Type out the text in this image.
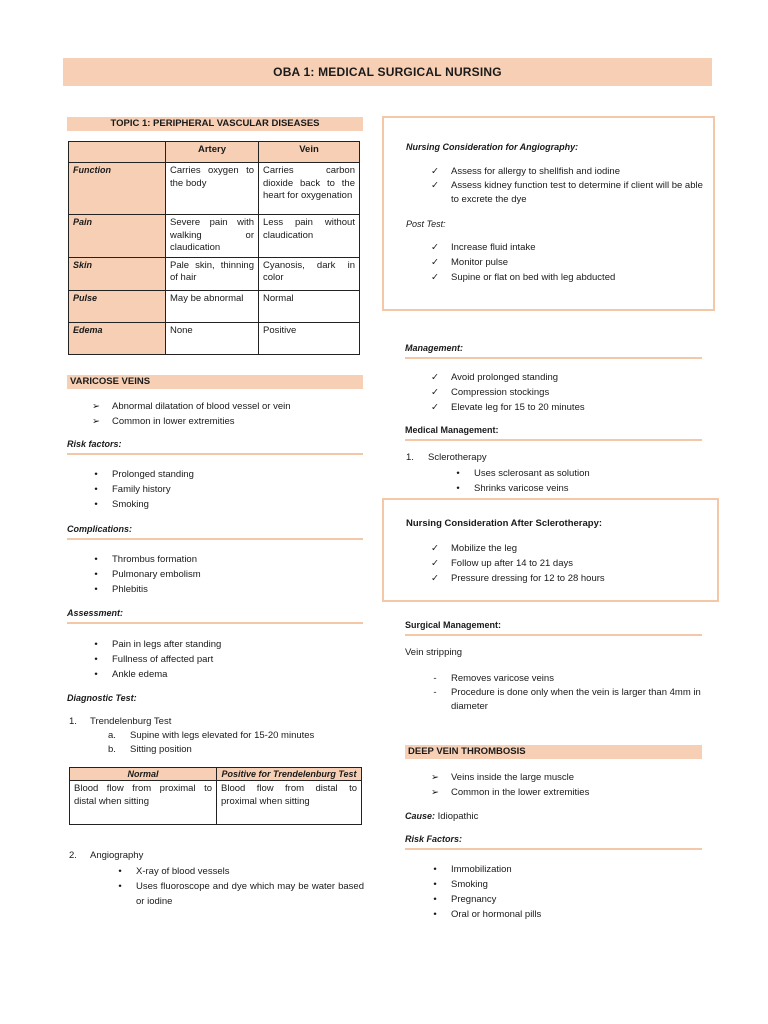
OBA 1: MEDICAL SURGICAL NURSING
TOPIC 1: PERIPHERAL VASCULAR DISEASES
	Artery	Vein
Function	Carries oxygen to the body	Carries carbon dioxide back to the heart for oxygenation
Pain	Severe pain with walking or claudication	Less pain without claudication
Skin	Pale skin, thinning of hair	Cyanosis, dark in color
Pulse	May be abnormal	Normal
Edema	None	Positive
VARICOSE VEINS
➢	Abnormal dilatation of blood vessel or vein
➢	Common in lower extremities
Risk factors:
•	Prolonged standing
•	Family history
•	Smoking
Complications:
•	Thrombus formation
•	Pulmonary embolism
•	Phlebitis
Assessment:
•	Pain in legs after standing
•	Fullness of affected part
•	Ankle edema
Diagnostic Test:
1. Trendelenburg Test
a. Supine with legs elevated for 15-20 minutes
b. Sitting position
Normal	Positive for Trendelenburg Test
Blood flow from proximal to distal when sitting	Blood flow from distal to proximal when sitting
2. Angiography
•	X-ray of blood vessels
•	Uses fluoroscope and dye which may be water based or iodine
Nursing Consideration for Angiography:
✓	Assess for allergy to shellfish and iodine
✓	Assess kidney function test to determine if client will be able to excrete the dye
Post Test:
✓	Increase fluid intake
✓	Monitor pulse
✓	Supine or flat on bed with leg abducted
Management:
✓	Avoid prolonged standing
✓	Compression stockings
✓	Elevate leg for 15 to 20 minutes
Medical Management:
1. Sclerotherapy
•	Uses sclerosant as solution
•	Shrinks varicose veins
Nursing Consideration After Sclerotherapy:
✓	Mobilize the leg
✓	Follow up after 14 to 21 days
✓	Pressure dressing for 12 to 28 hours
Surgical Management:
Vein stripping
-	Removes varicose veins
-	Procedure is done only when the vein is larger than 4mm in diameter
DEEP VEIN THROMBOSIS
➢	Veins inside the large muscle
➢	Common in the lower extremities
Cause: Idiopathic
Risk Factors:
•	Immobilization
•	Smoking
•	Pregnancy
•	Oral or hormonal pills
